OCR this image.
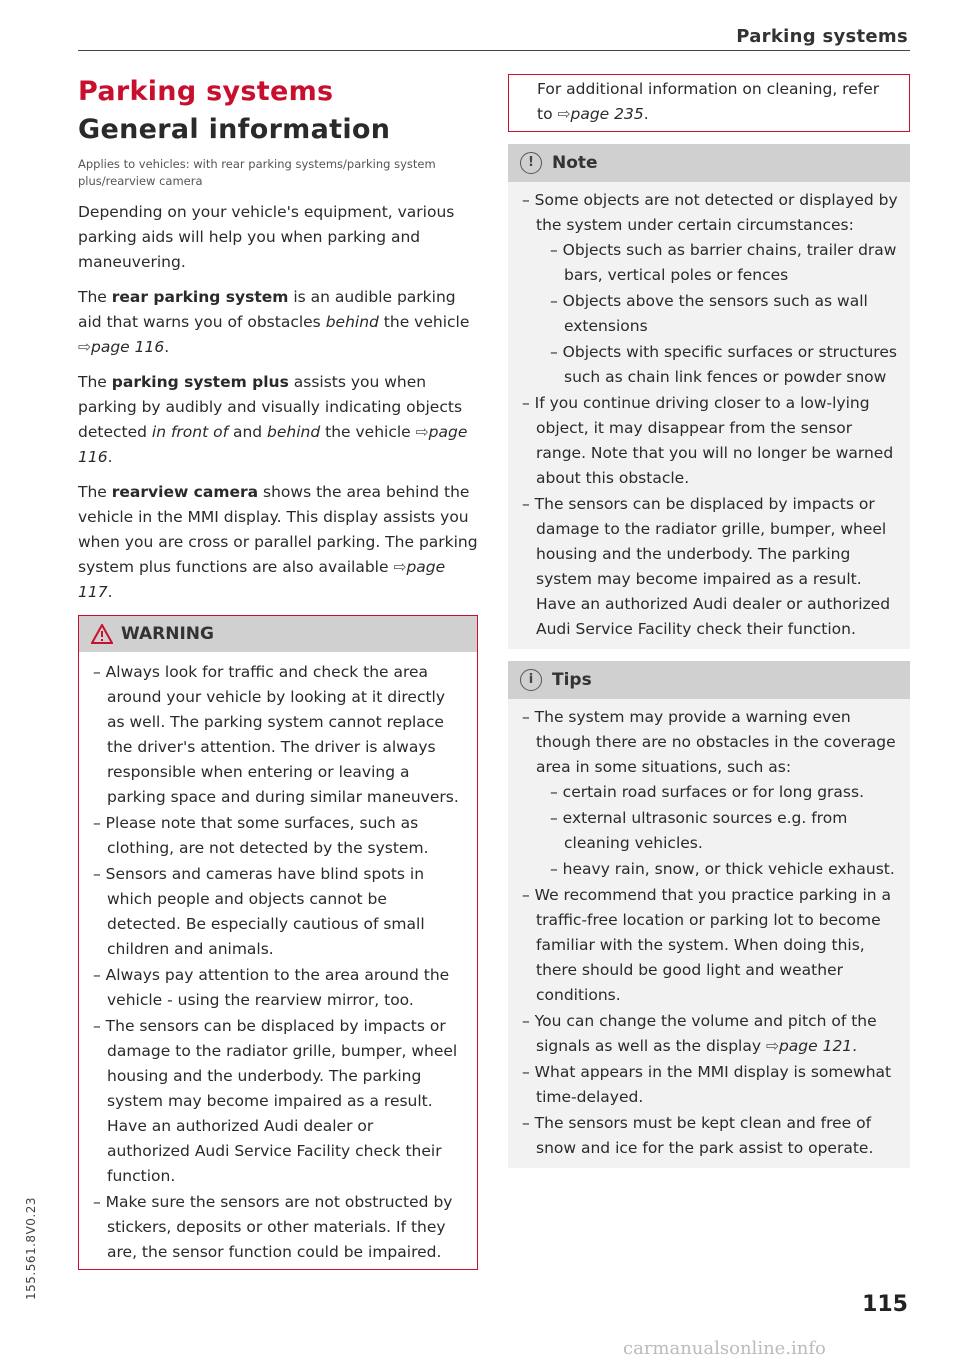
Parking systems
Parking systems
General information
Applies to vehicles: with rear parking systems/parking system plus/rearview camera

Depending on your vehicle's equipment, various parking aids will help you when parking and maneuvering.

The rear parking system is an audible parking aid that warns you of obstacles behind the vehicle ⇨page 116.

The parking system plus assists you when parking by audibly and visually indicating objects detected in front of and behind the vehicle ⇨page 116.

The rearview camera shows the area behind the vehicle in the MMI display. This display assists you when you are cross or parallel parking. The parking system plus functions are also available ⇨page 117.

WARNING
– Always look for traffic and check the area around your vehicle by looking at it directly as well. The parking system cannot replace the driver's attention. The driver is always responsible when entering or leaving a parking space and during similar maneuvers.
– Please note that some surfaces, such as clothing, are not detected by the system.
– Sensors and cameras have blind spots in which people and objects cannot be detected. Be especially cautious of small children and animals.
– Always pay attention to the area around the vehicle - using the rearview mirror, too.
– The sensors can be displaced by impacts or damage to the radiator grille, bumper, wheel housing and the underbody. The parking system may become impaired as a result. Have an authorized Audi dealer or authorized Audi Service Facility check their function.
– Make sure the sensors are not obstructed by stickers, deposits or other materials. If they are, the sensor function could be impaired.
For additional information on cleaning, refer to ⇨page 235.
!	Note
– Some objects are not detected or displayed by the system under certain circumstances:
– Objects such as barrier chains, trailer draw bars, vertical poles or fences
– Objects above the sensors such as wall extensions
– Objects with specific surfaces or structures such as chain link fences or powder snow
– If you continue driving closer to a low-lying object, it may disappear from the sensor range. Note that you will no longer be warned about this obstacle.
– The sensors can be displaced by impacts or damage to the radiator grille, bumper, wheel housing and the underbody. The parking system may become impaired as a result. Have an authorized Audi dealer or authorized Audi Service Facility check their function.
i	Tips
– The system may provide a warning even though there are no obstacles in the coverage area in some situations, such as:
– certain road surfaces or for long grass.
– external ultrasonic sources e.g. from cleaning vehicles.
– heavy rain, snow, or thick vehicle exhaust.
– We recommend that you practice parking in a traffic-free location or parking lot to become familiar with the system. When doing this, there should be good light and weather conditions.
– You can change the volume and pitch of the signals as well as the display ⇨page 121.
– What appears in the MMI display is somewhat time-delayed.
– The sensors must be kept clean and free of snow and ice for the park assist to operate.
155.561.8V0.23
115
carmanualsonline.info
